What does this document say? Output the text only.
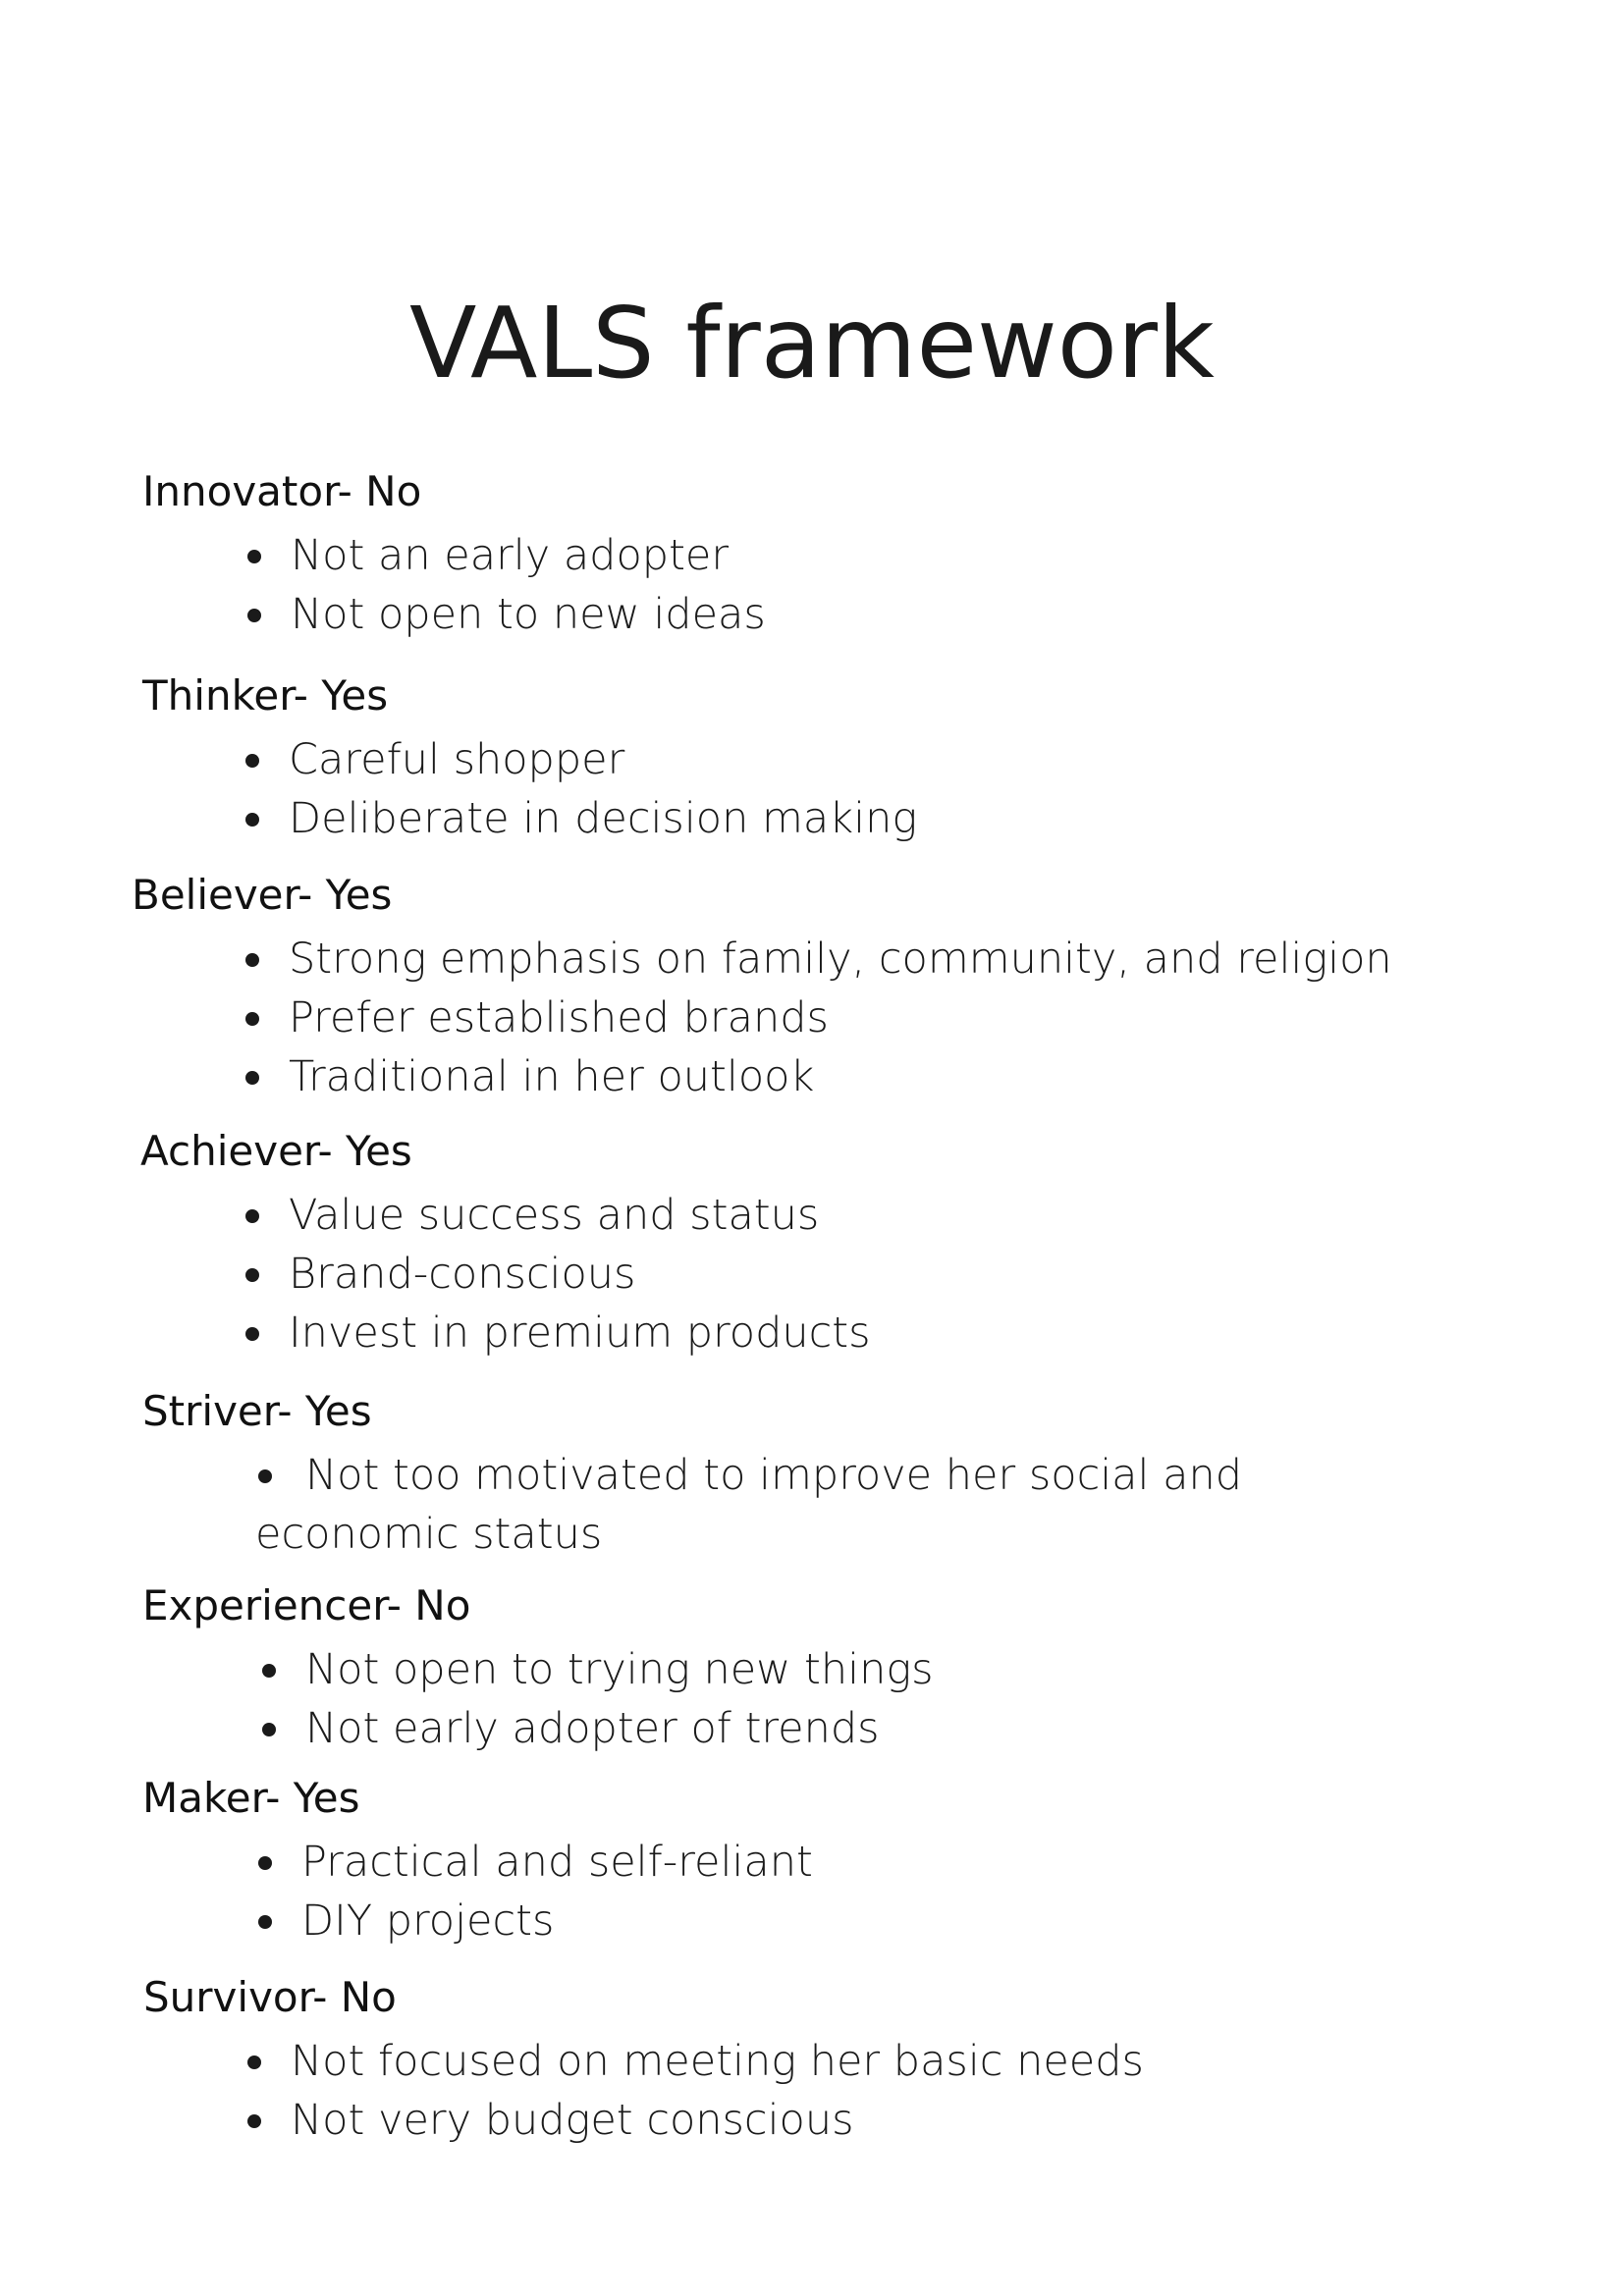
VALS framework
Innovator- No
Not an early adopter
Not open to new ideas
Thinker- Yes
Careful shopper
Deliberate in decision making
Believer- Yes
Strong emphasis on family, community, and religion
Prefer established brands
Traditional in her outlook
Achiever- Yes
Value success and status
Brand-conscious
Invest in premium products
Striver- Yes
Not too motivated to improve her social and
economic status
Experiencer- No
Not open to trying new things
Not early adopter of trends
Maker- Yes
Practical and self-reliant
DIY projects
Survivor- No
Not focused on meeting her basic needs
Not very budget conscious
